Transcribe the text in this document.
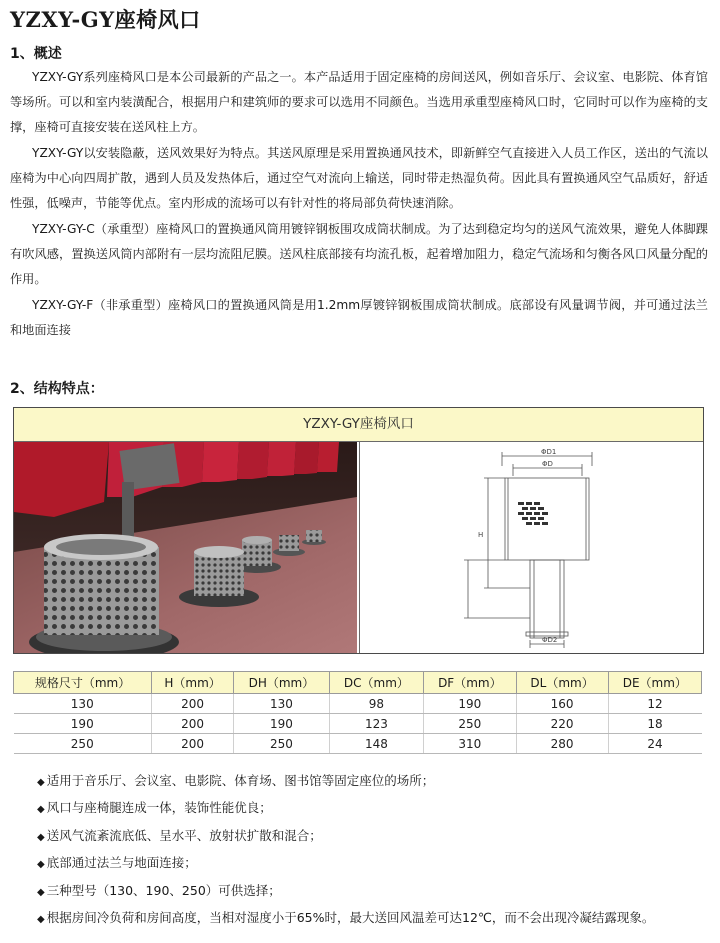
YZXY-GY座椅风口
1、概述

YZXY-GY系列座椅风口是本公司最新的产品之一。本产品适用于固定座椅的房间送风，例如音乐厅、会议室、电影院、体育馆等场所。可以和室内装潢配合，根据用户和建筑师的要求可以选用不同颜色。当选用承重型座椅风口时，它同时可以作为座椅的支撑，座椅可直接安装在送风柱上方。

YZXY-GY以安装隐蔽，送风效果好为特点。其送风原理是采用置换通风技术，即新鲜空气直接进入人员工作区，送出的气流以座椅为中心向四周扩散，遇到人员及发热体后，通过空气对流向上输送，同时带走热湿负荷。因此具有置换通风空气品质好，舒适性强，低噪声，节能等优点。室内形成的流场可以有针对性的将局部负荷快速消除。

YZXY-GY-C（承重型）座椅风口的置换通风筒用镀锌钢板围攻成筒状制成。为了达到稳定均匀的送风气流效果，避免人体脚踝有吹风感，置换送风筒内部附有一层均流阻尼膜。送风柱底部接有均流孔板，起着增加阻力，稳定气流场和匀衡各风口风量分配的作用。

YZXY-GY-F（非承重型）座椅风口的置换通风筒是用1.2mm厚镀锌钢板围成筒状制成。底部设有风量调节阀，并可通过法兰和地面连接

2、结构特点：
YZXY-GY座椅风口
ΦD1
ΦD
ΦD2
H
规格尺寸（mm）	H（mm）	DH（mm）	DC（mm）	DF（mm）	DL（mm）	DE（mm）
130	200	130	98	190	160	12
190	200	190	123	250	220	18
250	200	250	148	310	280	24
◆ 适用于音乐厅、会议室、电影院、体育场、图书馆等固定座位的场所；
◆ 风口与座椅腿连成一体，装饰性能优良；
◆ 送风气流紊流底低、呈水平、放射状扩散和混合；
◆ 底部通过法兰与地面连接；
◆ 三种型号（130、190、250）可供选择；
◆ 根据房间冷负荷和房间高度，当相对湿度小于65%时，最大送回风温差可达12℃，而不会出现冷凝结露现象。
